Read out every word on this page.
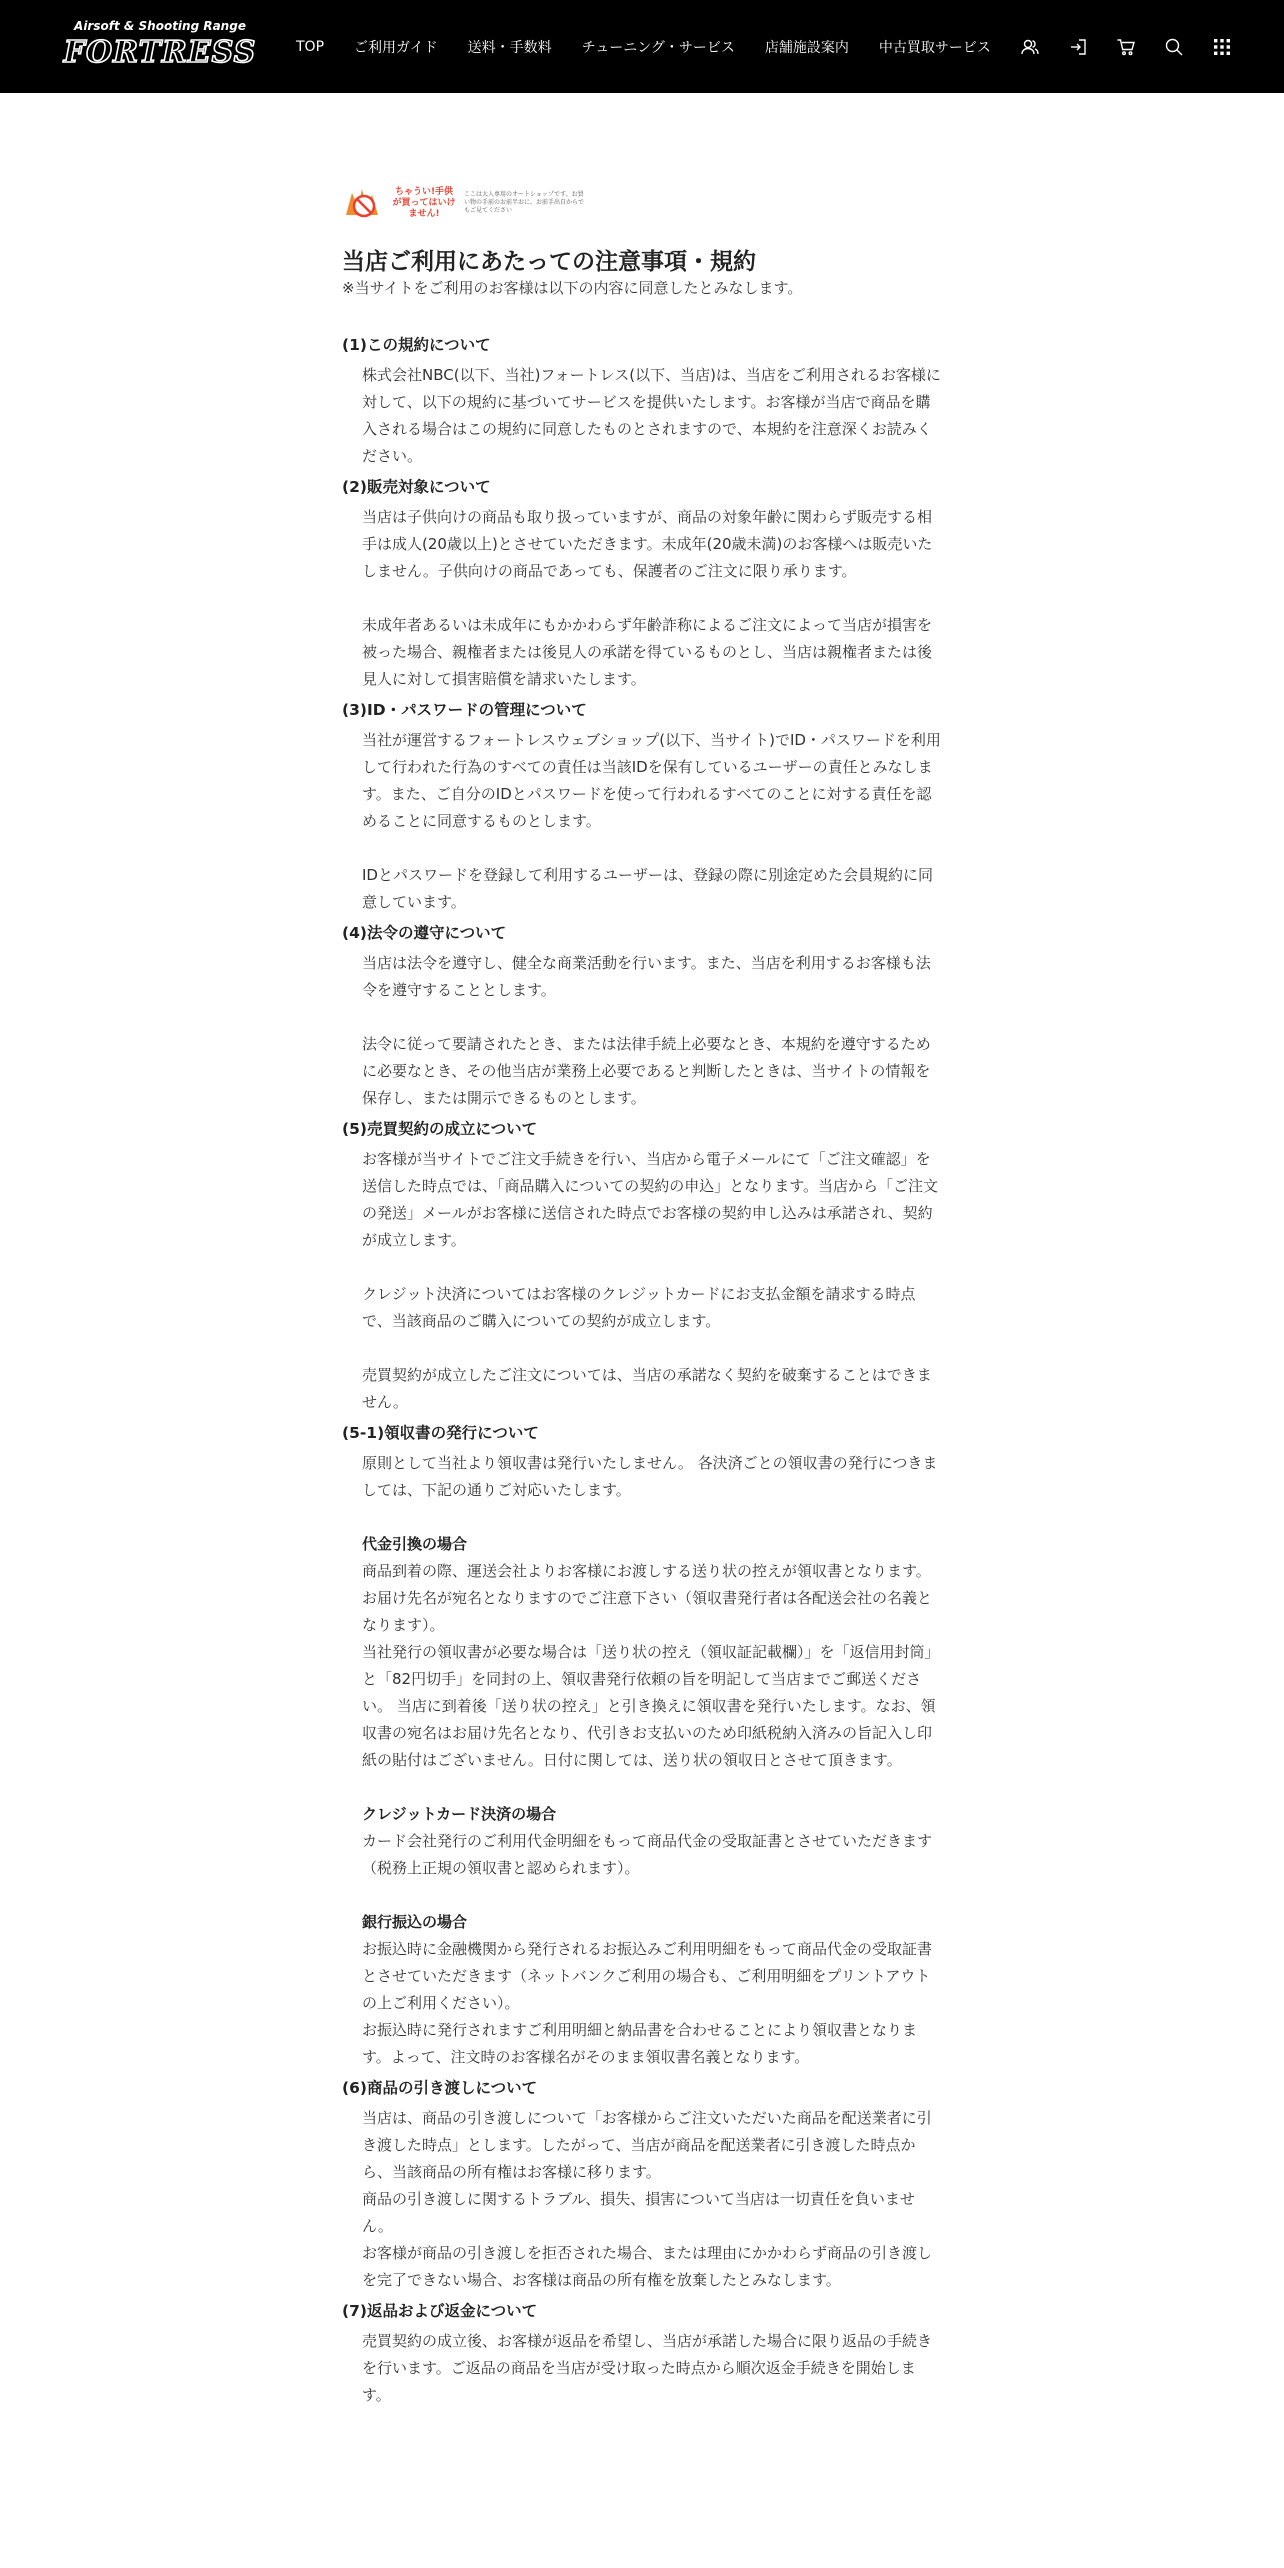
Airsoft & Shooting Range
FORTRESS	TOP ご利用ガイド 送料・手数料 チューニング・サービス 店舗施設案内 中古買取サービス
ちゃうい!手供が買ってはいけません!
ここは大人専用のオートショップです。お買い物の手前のお前半おに、お前手出自からでもご見てください
当店ご利用にあたっての注意事項・規約

※当サイトをご利用のお客様は以下の内容に同意したとみなします。

(1)この規約について

株式会社NBC(以下、当社)フォートレス(以下、当店)は、当店をご利用されるお客様に対して、以下の規約に基づいてサービスを提供いたします。お客様が当店で商品を購入される場合はこの規約に同意したものとされますので、本規約を注意深くお読みください。

(2)販売対象について

当店は子供向けの商品も取り扱っていますが、商品の対象年齢に関わらず販売する相手は成人(20歳以上)とさせていただきます。未成年(20歳未満)のお客様へは販売いたしません。子供向けの商品であっても、保護者のご注文に限り承ります。

未成年者あるいは未成年にもかかわらず年齢詐称によるご注文によって当店が損害を被った場合、親権者または後見人の承諾を得ているものとし、当店は親権者または後見人に対して損害賠償を請求いたします。

(3)ID・パスワードの管理について

当社が運営するフォートレスウェブショップ(以下、当サイト)でID・パスワードを利用して行われた行為のすべての責任は当該IDを保有しているユーザーの責任とみなします。また、ご自分のIDとパスワードを使って行われるすべてのことに対する責任を認めることに同意するものとします。

IDとパスワードを登録して利用するユーザーは、登録の際に別途定めた会員規約に同意しています。

(4)法令の遵守について

当店は法令を遵守し、健全な商業活動を行います。また、当店を利用するお客様も法令を遵守することとします。

法令に従って要請されたとき、または法律手続上必要なとき、本規約を遵守するために必要なとき、その他当店が業務上必要であると判断したときは、当サイトの情報を保存し、または開示できるものとします。

(5)売買契約の成立について

お客様が当サイトでご注文手続きを行い、当店から電子メールにて「ご注文確認」を送信した時点では、「商品購入についての契約の申込」となります。当店から「ご注文の発送」メールがお客様に送信された時点でお客様の契約申し込みは承諾され、契約が成立します。

クレジット決済についてはお客様のクレジットカードにお支払金額を請求する時点で、当該商品のご購入についての契約が成立します。

売買契約が成立したご注文については、当店の承諾なく契約を破棄することはできません。

(5-1)領収書の発行について

原則として当社より領収書は発行いたしません。 各決済ごとの領収書の発行につきましては、下記の通りご対応いたします。

代金引換の場合

商品到着の際、運送会社よりお客様にお渡しする送り状の控えが領収書となります。お届け先名が宛名となりますのでご注意下さい（領収書発行者は各配送会社の名義となります）。

当社発行の領収書が必要な場合は「送り状の控え（領収証記載欄）」を「返信用封筒」と「82円切手」を同封の上、領収書発行依頼の旨を明記して当店までご郵送ください。 当店に到着後「送り状の控え」と引き換えに領収書を発行いたします。なお、領収書の宛名はお届け先名となり、代引きお支払いのため印紙税納入済みの旨記入し印紙の貼付はございません。日付に関しては、送り状の領収日とさせて頂きます。

クレジットカード決済の場合

カード会社発行のご利用代金明細をもって商品代金の受取証書とさせていただきます（税務上正規の領収書と認められます）。

銀行振込の場合

お振込時に金融機関から発行されるお振込みご利用明細をもって商品代金の受取証書とさせていただきます（ネットバンクご利用の場合も、ご利用明細をプリントアウトの上ご利用ください）。

お振込時に発行されますご利用明細と納品書を合わせることにより領収書となります。よって、注文時のお客様名がそのまま領収書名義となります。

(6)商品の引き渡しについて

当店は、商品の引き渡しについて「お客様からご注文いただいた商品を配送業者に引き渡した時点」とします。したがって、当店が商品を配送業者に引き渡した時点から、当該商品の所有権はお客様に移ります。

商品の引き渡しに関するトラブル、損失、損害について当店は一切責任を負いません。

お客様が商品の引き渡しを拒否された場合、または理由にかかわらず商品の引き渡しを完了できない場合、お客様は商品の所有権を放棄したとみなします。

(7)返品および返金について

売買契約の成立後、お客様が返品を希望し、当店が承諾した場合に限り返品の手続きを行います。ご返品の商品を当店が受け取った時点から順次返金手続きを開始します。
